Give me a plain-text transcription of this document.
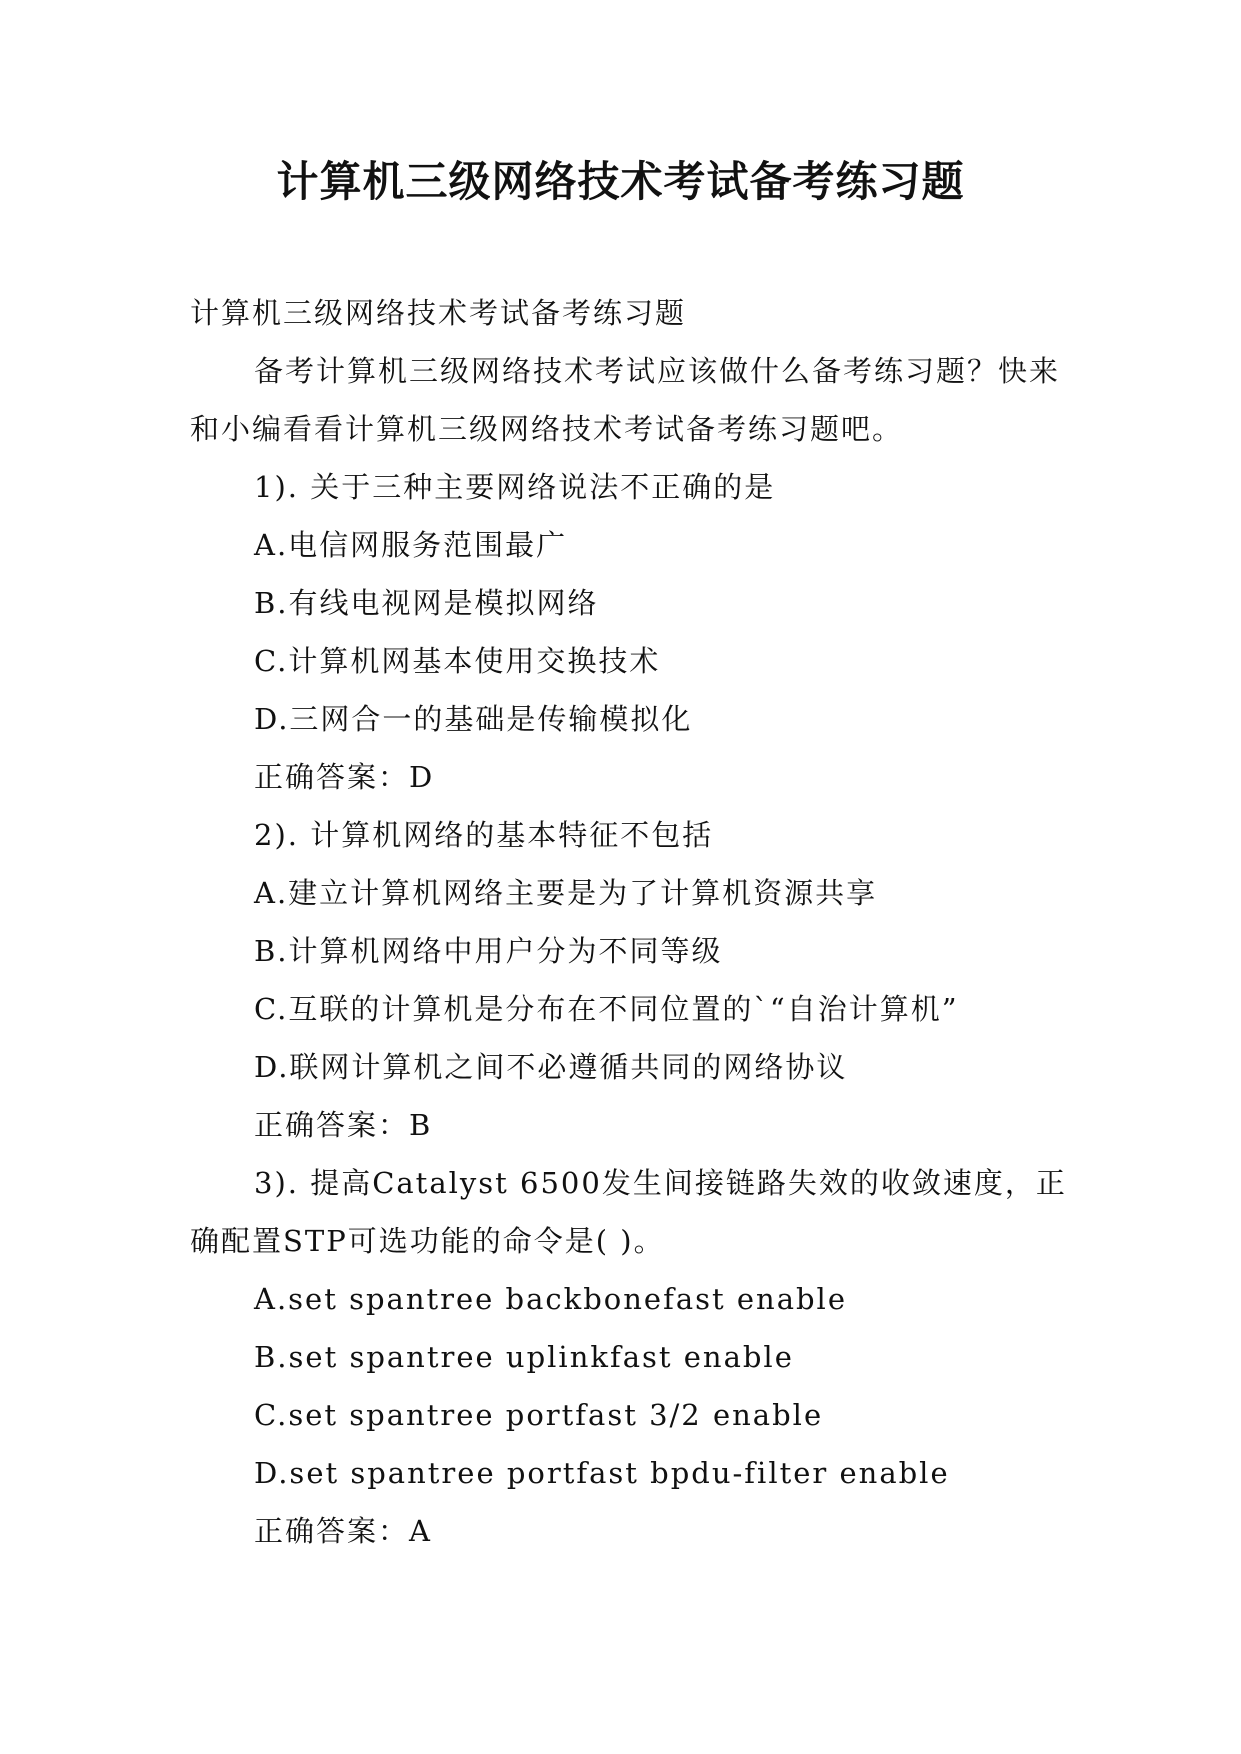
计算机三级网络技术考试备考练习题

计算机三级网络技术考试备考练习题

备考计算机三级网络技术考试应该做什么备考练习题？快来和小编看看计算机三级网络技术考试备考练习题吧。

1). 关于三种主要网络说法不正确的是

A.电信网服务范围最广

B.有线电视网是模拟网络

C.计算机网基本使用交换技术

D.三网合一的基础是传输模拟化

正确答案：D

2). 计算机网络的基本特征不包括

A.建立计算机网络主要是为了计算机资源共享

B.计算机网络中用户分为不同等级

C.互联的计算机是分布在不同位置的`“自治计算机”

D.联网计算机之间不必遵循共同的网络协议

正确答案：B

3). 提高Catalyst 6500发生间接链路失效的收敛速度，正确配置STP可选功能的命令是( )。

A.set spantree backbonefast enable

B.set spantree uplinkfast enable

C.set spantree portfast 3/2 enable

D.set spantree portfast bpdu-filter enable

正确答案：A
